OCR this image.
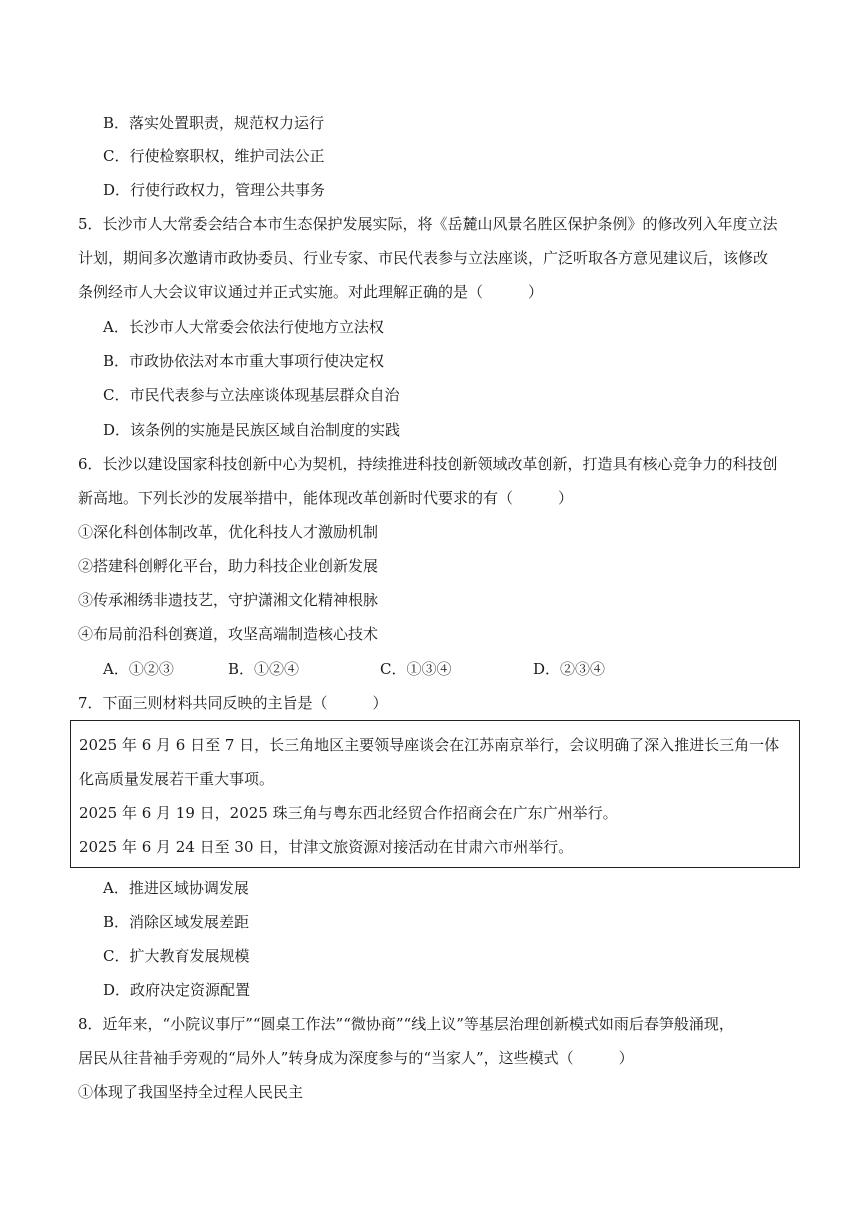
B．落实处置职责，规范权力运行
C．行使检察职权，维护司法公正
D．行使行政权力，管理公共事务
5．长沙市人大常委会结合本市生态保护发展实际，将《岳麓山风景名胜区保护条例》的修改列入年度立法
计划，期间多次邀请市政协委员、行业专家、市民代表参与立法座谈，广泛听取各方意见建议后，该修改
条例经市人大会议审议通过并正式实施。对此理解正确的是（　　　）
A．长沙市人大常委会依法行使地方立法权
B．市政协依法对本市重大事项行使决定权
C．市民代表参与立法座谈体现基层群众自治
D．该条例的实施是民族区域自治制度的实践
6．长沙以建设国家科技创新中心为契机，持续推进科技创新领域改革创新，打造具有核心竞争力的科技创
新高地。下列长沙的发展举措中，能体现改革创新时代要求的有（　　　）
①深化科创体制改革，优化科技人才激励机制
②搭建科创孵化平台，助力科技企业创新发展
③传承湘绣非遗技艺，守护潇湘文化精神根脉
④布局前沿科创赛道，攻坚高端制造核心技术
A．①②③	B．①②④	C．①③④	D．②③④
7．下面三则材料共同反映的主旨是（　　　）
2025 年 6 月 6 日至 7 日，长三角地区主要领导座谈会在江苏南京举行，会议明确了深入推进长三角一体
化高质量发展若干重大事项。
2025 年 6 月 19 日，2025 珠三角与粤东西北经贸合作招商会在广东广州举行。
2025 年 6 月 24 日至 30 日，甘津文旅资源对接活动在甘肃六市州举行。
A．推进区域协调发展
B．消除区域发展差距
C．扩大教育发展规模
D．政府决定资源配置
8．近年来，“小院议事厅”“圆桌工作法”“微协商”“线上议”等基层治理创新模式如雨后春笋般涌现，
居民从往昔袖手旁观的“局外人”转身成为深度参与的“当家人”，这些模式（　　　）
①体现了我国坚持全过程人民民主
